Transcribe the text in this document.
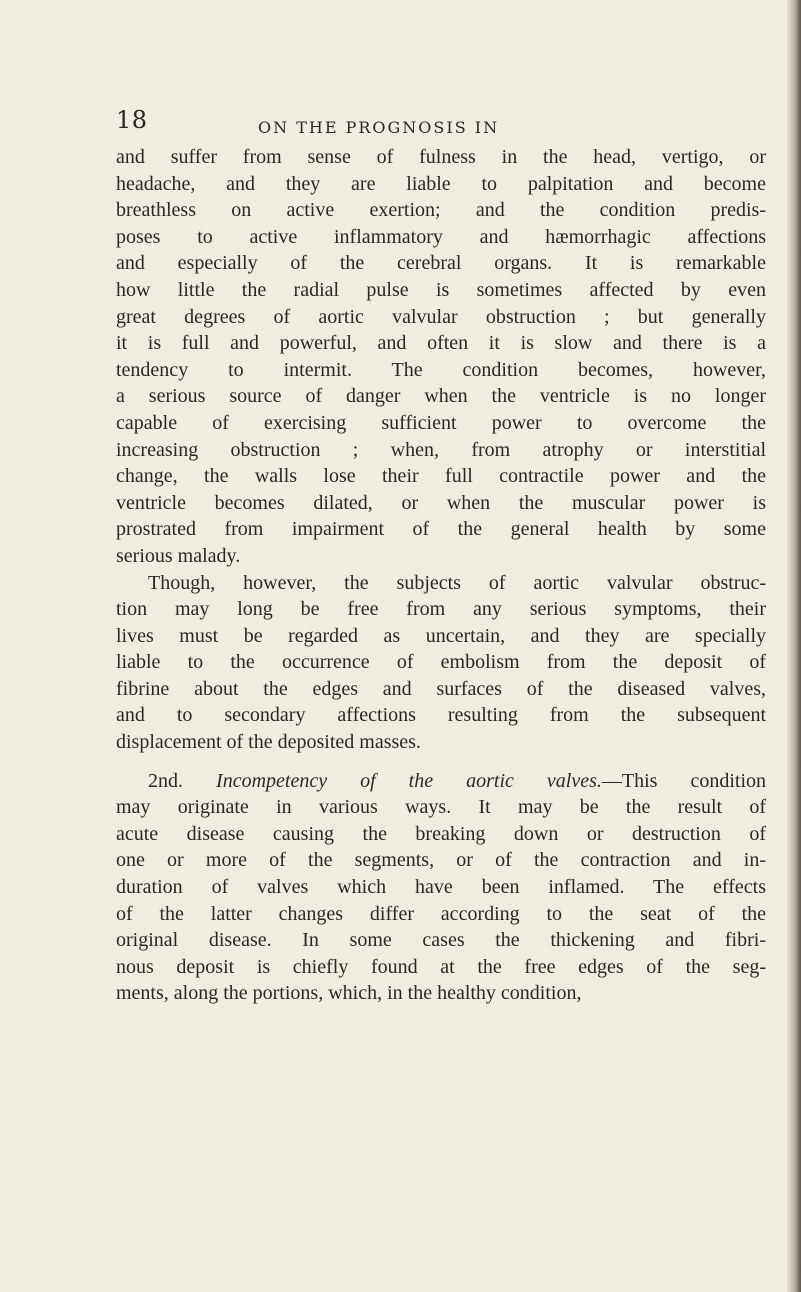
18	ON THE PROGNOSIS IN

and suffer from sense of fulness in the head, vertigo, or
headache, and they are liable to palpitation and become
breathless on active exertion; and the condition predis-
poses to active inflammatory and hæmorrhagic affections
and especially of the cerebral organs. It is remarkable
how little the radial pulse is sometimes affected by even
great degrees of aortic valvular obstruction ; but generally
it is full and powerful, and often it is slow and there is a
tendency to intermit. The condition becomes, however,
a serious source of danger when the ventricle is no longer
capable of exercising sufficient power to overcome the
increasing obstruction ; when, from atrophy or interstitial
change, the walls lose their full contractile power and the
ventricle becomes dilated, or when the muscular power is
prostrated from impairment of the general health by some
serious malady.

Though, however, the subjects of aortic valvular obstruc-
tion may long be free from any serious symptoms, their
lives must be regarded as uncertain, and they are specially
liable to the occurrence of embolism from the deposit of
fibrine about the edges and surfaces of the diseased valves,
and to secondary affections resulting from the subsequent
displacement of the deposited masses.

2nd. Incompetency of the aortic valves.—This condition
may originate in various ways. It may be the result of
acute disease causing the breaking down or destruction of
one or more of the segments, or of the contraction and in-
duration of valves which have been inflamed. The effects
of the latter changes differ according to the seat of the
original disease. In some cases the thickening and fibri-
nous deposit is chiefly found at the free edges of the seg-
ments, along the portions, which, in the healthy condition,
